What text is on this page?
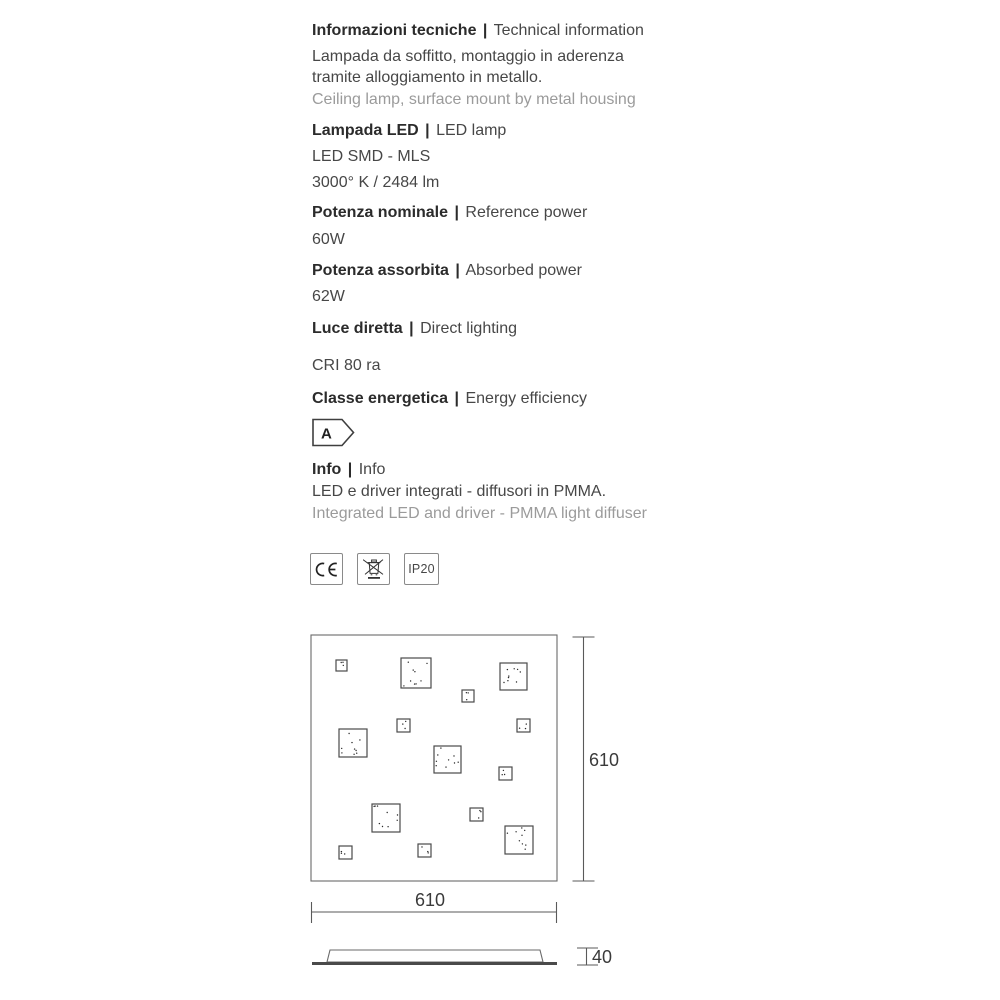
Informazioni tecniche | Technical information
Lampada da soffitto, montaggio in aderenza
tramite alloggiamento in metallo.
Ceiling lamp, surface mount by metal housing
Lampada LED | LED lamp
LED SMD - MLS
3000° K / 2484 lm
Potenza nominale | Reference power
60W
Potenza assorbita | Absorbed power
62W
Luce diretta | Direct lighting
CRI 80 ra
Classe energetica | Energy efficiency
A
Info | Info
LED e driver integrati - diffusori in PMMA.
Integrated LED and driver - PMMA light diffuser
IP20
610
610
40
